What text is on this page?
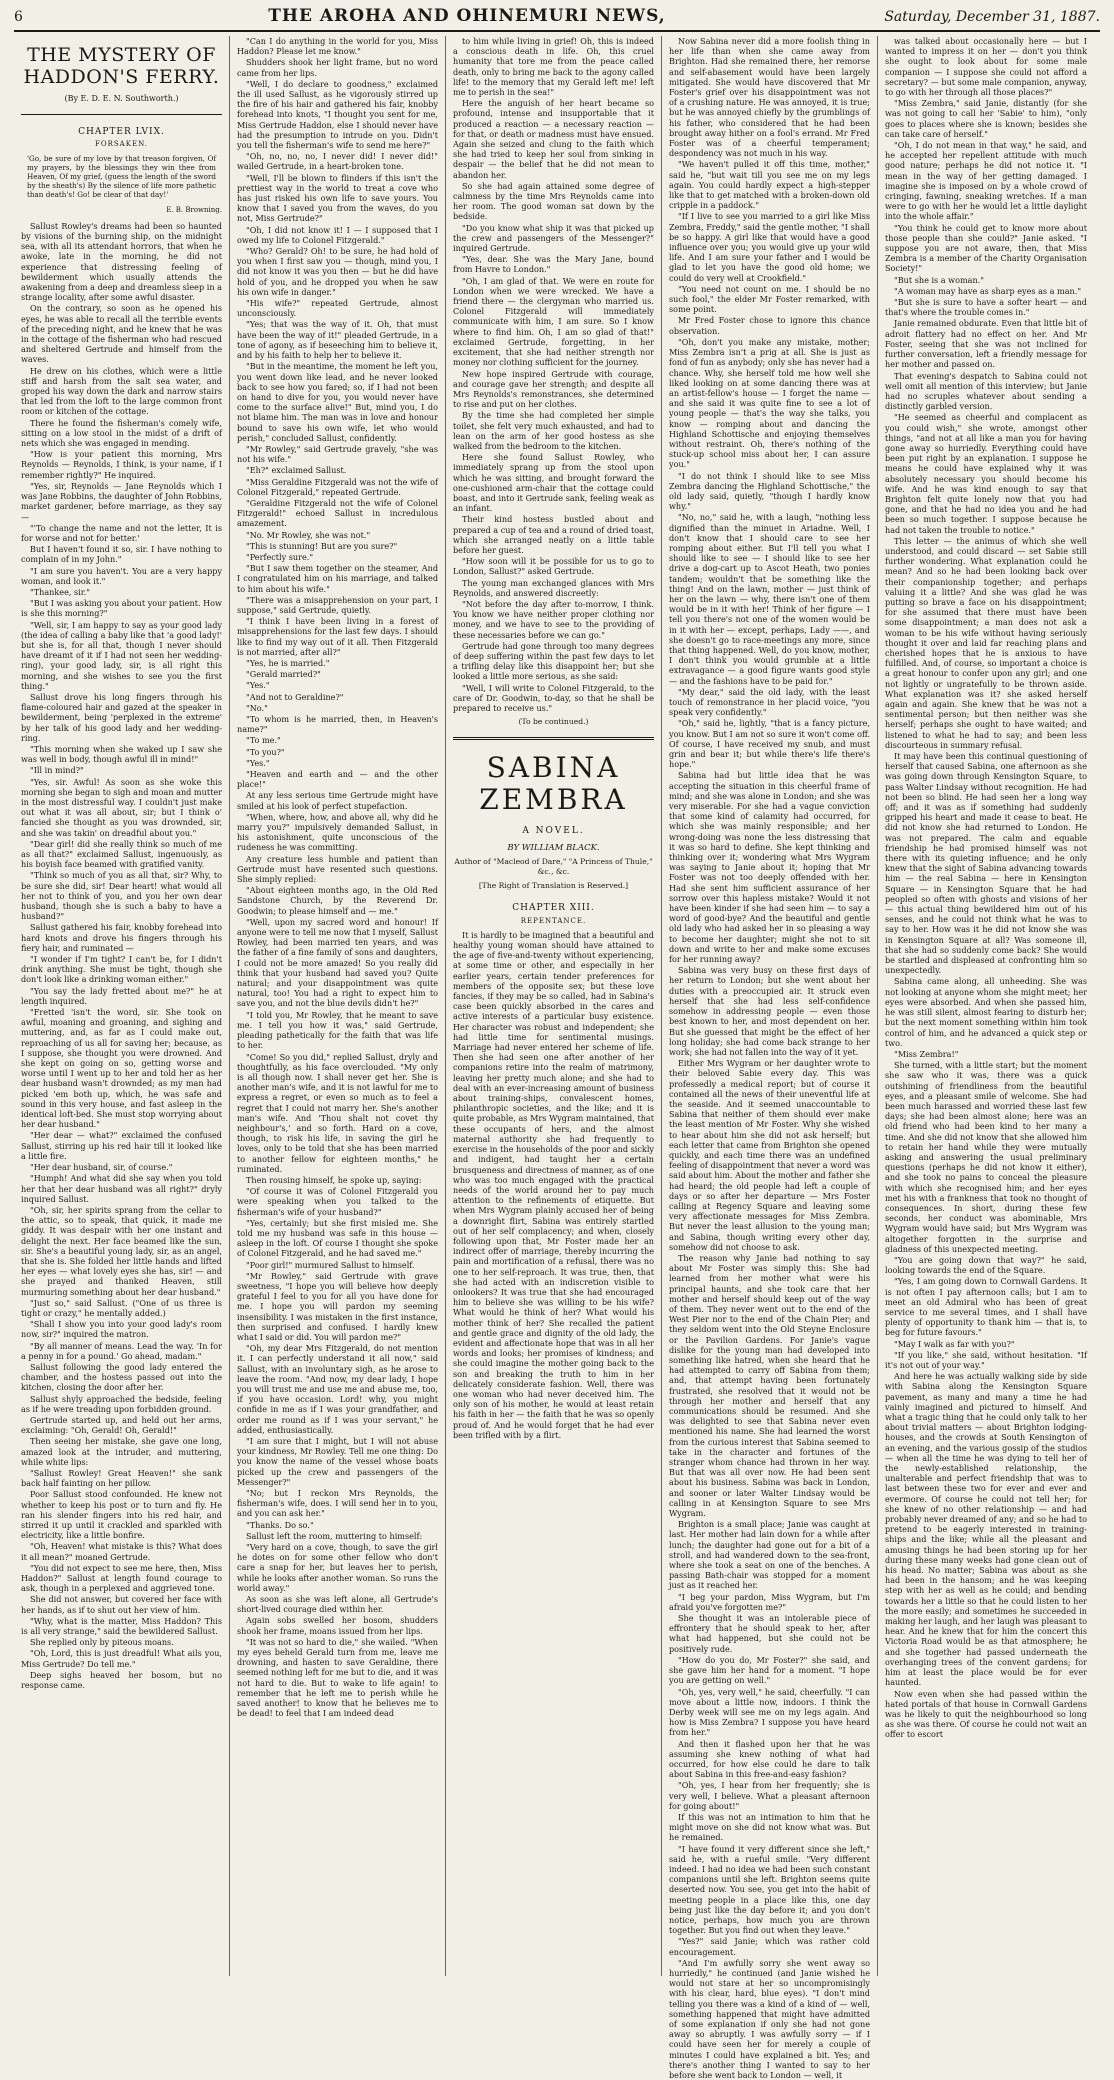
6	THE AROHA AND OHINEMURI NEWS,	Saturday, December 31, 1887.
THE MYSTERY OF
HADDON'S FERRY.
(By E. D. E. N. Southworth.)
CHAPTER LVIX.
FORSAKEN.
'Go, be sure of my love by that treason forgiven, Of my prayers, by the blessings they win thee from Heaven, Of my grief, (guess the length of the sword by the sheath's) By the silence of life more pathetic than death's! Go! be clear of that day!'
E. B. Browning.

Sallust Rowley's dreams had been so haunted by visions of the burning ship, on the midnight sea, with all its attendant horrors, that when he awoke, late in the morning, he did not experience that distressing feeling of bewilderment which usually attends the awakening from a deep and dreamless sleep in a strange locality, after some awful disaster.

On the contrary, so soon as he opened his eyes, he was able to recall all the terrible events of the preceding night, and he knew that he was in the cottage of the fisherman who had rescued and sheltered Gertrude and himself from the waves.

He drew on his clothes, which were a little stiff and harsh from the salt sea water, and groped his way down the dark and narrow stairs that led from the loft to the large common front room or kitchen of the cottage.

There he found the fisherman's comely wife, sitting on a low stool in the midst of a drift of nets which she was engaged in mending.

"How is your patient this morning, Mrs Reynolds — Reynolds, I think, is your name, if I remember rightly?" He inquired.

"Yes, sir, Reynolds — Jane Reynolds which I was Jane Robbins, the daughter of John Robbins, market gardener, before marriage, as they say —

"'To change the name and not the letter, It is for worse and not for better.'

But I haven't found it so, sir. I have nothing to complain of in my John."

"I am sure you haven't. You are a very happy woman, and look it."

"Thankee, sir."

"But I was asking you about your patient. How is she this morning?"

"Well, sir, I am happy to say as your good lady (the idea of calling a baby like that 'a good lady!' but she is, for all that, though I never should have dreamt of it if I had not seen her wedding-ring), your good lady, sir, is all right this morning, and she wishes to see you the first thing."

Sallust drove his long fingers through his flame-coloured hair and gazed at the speaker in bewilderment, being 'perplexed in the extreme' by her talk of his good lady and her wedding-ring.

"This morning when she waked up I saw she was well in body, though awful ill in mind!"

"Ill in mind?"

"Yes, sir. Awful! As soon as she woke this morning she began to sigh and moan and mutter in the most distressful way. I couldn't just make out what it was all about, sir; but I think o' fancied she thought as you was drownded, sir, and she was takin' on dreadful about you."

"Dear girl! did she really think so much of me as all that?" exclaimed Sallust, ingenuously, as his boyish face beamed with gratified vanity.

"Think so much of you as all that, sir? Why, to be sure she did, sir! Dear heart! what would all her not to think of you, and you her own dear husband, though she is such a baby to have a husband?"

Sallust gathered his fair, knobby forehead into hard knots and drove his fingers through his fiery hair, and ruminated —

"I wonder if I'm tight? I can't be, for I didn't drink anything. She must be tight, though she don't look like a drinking woman either."

"You say the lady fretted about me?" he at length inquired.

"Fretted 'isn't the word, sir. She took on awful, moaning and groaning, and sighing and muttering, and, as far as I could make out, reproaching of us all for saving her; because, as I suppose, she thought you were drowned. And she kept on going on so, getting worse and worse until I went up to her and told her as her dear husband wasn't drownded; as my man had picked 'em both up, which, he was safe and sound in this very house, and fast asleep in the identical loft-bed. She must stop worrying about her dear husband."

"Her dear — what?" exclaimed the confused Sallust, stirring up his red hair till it looked like a little fire.

"Her dear husband, sir, of course."

"Humph! And what did she say when you told her that her dear husband was all right?" dryly inquired Sallust.

"Oh, sir, her spirits sprang from the cellar to the attic, so to speak, that quick, it made me giddy. It was despair with her one instant and delight the next. Her face beamed like the sun, sir. She's a beautiful young lady, sir, as an angel, that she is. She folded her little hands and lifted her eyes — what lovely eyes she has, sir! — and she prayed and thanked Heaven, still murmuring something about her dear husband."

"Just so," said Sallust. ("One of us three is tight or crazy," he mentally added.)

"Shall I show you into your good lady's room now, sir?" inquired the matron.

"By all manner of means. Lead the way. 'In for a penny in for a pound.' Go ahead, madam."

Sallust following the good lady entered the chamber, and the hostess passed out into the kitchen, closing the door after her.

Sallust shyly approached the bedside, feeling as if he were treading upon forbidden ground.

Gertrude started up, and held out her arms, exclaiming: "Oh, Gerald! Oh, Gerald!"

Then seeing her mistake, she gave one long, amazed look at the intruder, and muttering, while white lips:

"Sallust Rowley! Great Heaven!" she sank back half fainting on her pillow.

Poor Sallust stood confounded. He knew not whether to keep his post or to turn and fly. He ran his slender fingers into his red hair, and stirred it up until it crackled and sparkled with electricity, like a little bonfire.

"Oh, Heaven! what mistake is this? What does it all mean?" moaned Gertrude.

"You did not expect to see me here, then, Miss Haddon?" Sallust at length found courage to ask, though in a perplexed and aggrieved tone.

She did not answer, but covered her face with her hands, as if to shut out her view of him.

"Why, what is the matter, Miss Haddon? This is all very strange," said the bewildered Sallust.

She replied only by piteous moans.

"Oh, Lord, this is just dreadful! What ails you, Miss Gertrude? Do tell me."

Deep sighs heaved her bosom, but no response came.

"Can I do anything in the world for you, Miss Haddon? Please let me know."

Shudders shook her light frame, but no word came from her lips.

"Well, I do declare to goodness," exclaimed the ill used Sallust, as he vigorously stirred up the fire of his hair and gathered his fair, knobby forehead into knots, "I thought you sent for me, Miss Gertrude Haddon, else I should never have had the presumption to intrude on you. Didn't you tell the fisherman's wife to send me here?"

"Oh, no, no, no, I never did! I never did!" wailed Gertrude, in a heart-broken tone.

"Well, I'll be blown to flinders if this isn't the prettiest way in the world to treat a cove who has just risked his own life to save yours. You know that I saved you from the waves, do you not, Miss Gertrude?"

"Oh, I did not know it! I — I supposed that I owed my life to Colonel Fitzgerald."

"Who? Gerald? Oh! to be sure, he had hold of you when I first saw you — though, mind you, I did not know it was you then — but he did have hold of you, and he dropped you when he saw his own wife in danger."

"His wife?" repeated Gertrude, almost unconsciously.

"Yes; that was the way of it. Oh, that must have been the way of it!" pleaded Gertrude, in a tone of agony, as if beseeching him to believe it, and by his faith to help her to believe it.

"But in the meantime, the moment he left you, you went down like lead, and he never looked back to see how you fared; so, if I had not been on hand to dive for you, you would never have come to the surface alive!" But, mind you, I do not blame him. The man was in love and honour bound to save his own wife, let who would perish," concluded Sallust, confidently.

"Mr Rowley," said Gertrude gravely, "she was not his wife."

"Eh?" exclaimed Sallust.

"Miss Geraldine Fitzgerald was not the wife of Colonel Fitzgerald," repeated Gertrude.

"Geraldine Fitzgerald not the wife of Colonel Fitzgerald!" echoed Sallust in incredulous amazement.

"No. Mr Rowley, she was not."

"This is stunning! But are you sure?"

"Perfectly sure."

"But I saw them together on the steamer, And I congratulated him on his marriage, and talked to him about his wife."

"There was a misapprehension on your part, I suppose," said Gertrude, quietly.

"I think I have been living in a forest of misapprehensions for the last few days. I should like to find my way out of it all. Then Fitzgerald is not married, after all?"

"Yes, he is married."

"Gerald married?"

"Yes."

"And not to Geraldine?"

"No."

"To whom is he married, then, in Heaven's name?"

"To me."

"To you?"

"Yes."

"Heaven and earth and — and the other place!"

At any less serious time Gertrude might have smiled at his look of perfect stupefaction.

"When, where, how, and above all, why did he marry you?" impulsively demanded Sallust, in his astonishment, quite unconscious of the rudeness he was committing.

Any creature less humble and patient than Gertrude must have resented such questions. She simply replied:

"About eighteen months ago, in the Old Red Sandstone Church, by the Reverend Dr. Goodwin; to please himself and — me."

"Well, upon my sacred word and honour! If anyone were to tell me now that I myself, Sallust Rowley, had been married ten years, and was the father of a fine family of sons and daughters, I could not be more amazed! So you really did think that your husband had saved you? Quite natural; and your disappointment was quite natural, too! You had a right to expect him to save you, and not the blue devils didn't he?"

"I told you, Mr Rowley, that he meant to save me. I tell you how it was," said Gertrude, pleading pathetically for the faith that was life to her.

"Come! So you did," replied Sallust, dryly and thoughtfully, as his face overclouded. "My only is all though now. I shall never get her. She is another man's wife, and it is not lawful for me to express a regret, or even so much as to feel a regret that I could not marry her. She's another man's wife. And 'Thou shalt not covet thy neighbour's,' and so forth. Hard on a cove, though, to risk his life, in saving the girl he loves, only to be told that she has been married to another fellow for eighteen months," he ruminated.

Then rousing himself, he spoke up, saying:

"Of course it was of Colonel Fitzgerald you were speaking when you talked to the fisherman's wife of your husband?"

"Yes, certainly; but she first misled me. She told me my husband was safe in this house — asleep in the loft. Of course I thought she spoke of Colonel Fitzgerald, and he had saved me."

"Poor girl!" murmured Sallust to himself.

"Mr Rowley," said Gertrude with grave sweetness, "I hope you will believe how deeply grateful I feel to you for all you have done for me. I hope you will pardon my seeming insensibility. I was mistaken in the first instance, then surprised and confused. I hardly knew what I said or did. You will pardon me?"

"Oh, my dear Mrs Fitzgerald, do not mention it. I can perfectly understand it all now," said Sallust, with an involuntary sigh, as he arose to leave the room. "And now, my dear lady, I hope you will trust me and use me and abuse me, too, if you have occasion. Lord! why, you might confide in me as if I was your grandfather, and order me round as if I was your servant," he added, enthusiastically.

"I am sure that I might, but I will not abuse your kindness, Mr Rowley. Tell me one thing: Do you know the name of the vessel whose boats picked up the crew and passengers of the Messenger?"

"No; but I reckon Mrs Reynolds, the fisherman's wife, does. I will send her in to you, and you can ask her."

"Thanks. Do so."

Sallust left the room, muttering to himself:

"Very hard on a cove, though, to save the girl he dotes on for some other fellow who don't care a snap for her, but leaves her to perish, while he looks after another woman. So runs the world away."

As soon as she was left alone, all Gertrude's short-lived courage died within her.

Again sobs swelled her bosom, shudders shook her frame, moans issued from her lips.

"It was not so hard to die," she wailed. "When my eyes beheld Gerald turn from me, leave me drowning, and hasten to save Geraldine, there seemed nothing left for me but to die, and it was not hard to die. But to wake to life again! to remember that he left me to perish while he saved another! to know that he believes me to be dead! to feel that I am indeed dead

to him while living in grief! Oh, this is indeed a conscious death in life. Oh, this cruel humanity that tore me from the peace called death, only to bring me back to the agony called life! to the memory that my Gerald left me! left me to perish in the sea!"

Here the anguish of her heart became so profound, intense and insupportable that it produced a reaction — a necessary reaction — for that, or death or madness must have ensued. Again she seized and clung to the faith which she had tried to keep her soul from sinking in despair — the belief that he did not mean to abandon her.

So she had again attained some degree of calmness by the time Mrs Reynolds came into her room. The good woman sat down by the bedside.

"Do you know what ship it was that picked up the crew and passengers of the Messenger?" inquired Gertrude.

"Yes, dear. She was the Mary Jane, bound from Havre to London."

"Oh, I am glad of that. We were en route for London when we were wrecked. We have a friend there — the clergyman who married us. Colonel Fitzgerald will immediately communicate with him, I am sure. So I know where to find him. Oh, I am so glad of that!" exclaimed Gertrude, forgetting, in her excitement, that she had neither strength nor money nor clothing sufficient for the journey.

New hope inspired Gertrude with courage, and courage gave her strength; and despite all Mrs Reynolds's remonstrances, she determined to rise and put on her clothes.

By the time she had completed her simple toilet, she felt very much exhausted, and had to lean on the arm of her good hostess as she walked from the bedroom to the kitchen.

Here she found Sallust Rowley, who immediately sprang up from the stool upon which he was sitting, and brought forward the one-cushioned arm-chair that the cottage could boast, and into it Gertrude sank, feeling weak as an infant.

Their kind hostess bustled about and prepared a cup of tea and a round of dried toast, which she arranged neatly on a little table before her guest.

"How soon will it be possible for us to go to London, Sallust?" asked Gertrude.

The young man exchanged glances with Mrs Reynolds, and answered discreetly:

"Not before the day after to-morrow, I think. You know we have neither proper clothing nor money, and we have to see to the providing of these necessaries before we can go."

Gertrude had gone through too many degrees of deep suffering within the past few days to let a trifling delay like this disappoint her; but she looked a little more serious, as she said:

"Well, I will write to Colonel Fitzgerald, to the care of Dr. Goodwin, to-day, so that he shall be prepared to receive us."

(To be continued.)
SABINA ZEMBRA
A NOVEL.
BY WILLIAM BLACK.
Author of "Macleod of Dare," "A Princess of Thule," &c., &c.
[The Right of Translation is Reserved.]
CHAPTER XIII.
REPENTANCE.

It is hardly to be imagined that a beautiful and healthy young woman should have attained to the age of five-and-twenty without experiencing, at some time or other, and especially in her earlier years, certain tender preferences for members of the opposite sex; but these love fancies, if they may be so called, had in Sabina's case been quickly absorbed in the cares and active interests of a particular busy existence. Her character was robust and independent; she had little time for sentimental musings. Marriage had never entered her scheme of life. Then she had seen one after another of her companions retire into the realm of matrimony, leaving her pretty much alone; and she had to deal with an ever-increasing amount of business about training-ships, convalescent homes, philanthropic societies, and the like; and it is quite probable, as Mrs Wygram maintained, that these occupants of hers, and the almost maternal authority she had frequently to exercise in the households of the poor and sickly and indigent, had taught her a certain brusqueness and directness of manner, as of one who was too much engaged with the practical needs of the world around her to pay much attention to the refinements of etiquette. But when Mrs Wygram plainly accused her of being a downright flirt, Sabina was entirely startled out of her self complacency; and when, closely following upon that, Mr Foster made her an indirect offer of marriage, thereby incurring the pain and mortification of a refusal, there was no one to her self-reproach. It was true, then, that she had acted with an indiscretion visible to onlookers? It was true that she had encouraged him to believe she was willing to be his wife? What would he think of her? What would his mother think of her? She recalled the patient and gentle grace and dignity of the old lady, the evident and affectionate hope that was in all her words and looks; her promises of kindness; and she could imagine the mother going back to the son and breaking the truth to him in her delicately considerate fashion. Well, there was one woman who had never deceived him. The only son of his mother, he would at least retain his faith in her — the faith that he was so openly proud of. And he would forget that he had ever been trifled with by a flirt.

Now Sabina never did a more foolish thing in her life than when she came away from Brighton. Had she remained there, her remorse and self-abasement would have been largely mitigated. She would have discovered that Mr Foster's grief over his disappointment was not of a crushing nature. He was annoyed, it is true; but he was annoyed chiefly by the grumblings of his father, who considered that he had been brought away hither on a fool's errand. Mr Fred Foster was of a cheerful temperament; despondency was not much in his way.

"We haven't pulled it off this time, mother," said he, "but wait till you see me on my legs again. You could hardly expect a high-stepper like that to get matched with a broken-down old cripple in a paddock."

"If I live to see you married to a girl like Miss Zembra, Freddy," said the gentle mother, "I shall be so happy. A girl like that would have a good influence over you; you would give up your wild life. And I am sure your father and I would be glad to let you have the good old home; we could do very well at Crookfield."

"You need not count on me. I should be no such fool," the elder Mr Foster remarked, with some point.

Mr Fred Foster chose to ignore this chance observation.

"Oh, don't you make any mistake, mother; Miss Zembra isn't a prig at all. She is just as fond of fun as anybody; only she has never had a chance. Why, she herself told me how well she liked looking on at some dancing there was at an artist-fellow's house — I forget the name — and she said it was quite fine to see a lot of young people — that's the way she talks, you know — romping about and dancing the Highland Schottische and enjoying themselves without restraint. Oh, there's nothing of the stuck-up school miss about her, I can assure you."

"I do not think I should like to see Miss Zembra dancing the Highland Schottische," the old lady said, quietly, "though I hardly know why."

"No, no," said he, with a laugh, "nothing less dignified than the minuet in Ariadne. Well, I don't know that I should care to see her romping about either. But I'll tell you what I should like to see — I should like to see her drive a dog-cart up to Ascot Heath, two ponies tandem; wouldn't that be something like the thing! And on the lawn, mother — just think of her on the lawn — why, there isn't one of them would be in it with her! Think of her figure — I tell you there's not one of the women would be in it with her — except, perhaps, Lady ——, and she doesn't go to race-meetings any more, since that thing happened. Well, do you know, mother, I don't think you would grumble at a little extravagance — a good figure wants good style — and the fashions have to be paid for."

"My dear," said the old lady, with the least touch of remonstrance in her placid voice, "you speak very confidently."

"Oh," said he, lightly, "that is a fancy picture, you know. But I am not so sure it won't come off. Of course, I have received my snub, and must grin and bear it; but while there's life there's hope."

Sabina had but little idea that he was accepting the situation in this cheerful frame of mind; and she was alone in London; and she was very miserable. For she had a vague conviction that some kind of calamity had occurred, for which she was mainly responsible; and her wrong-doing was none the less distressing that it was so hard to define. She kept thinking and thinking over it; wondering what Mrs Wygram was saying to Janie about it; hoping that Mr Foster was not too deeply offended with her. Had she sent him sufficient assurance of her sorrow over this hapless mistake? Would it not have been kinder if she had seen him — to say a word of good-bye? And the beautiful and gentle old lady who had asked her in so pleasing a way to become her daughter; might she not to sit down and write to her and make some excuses for her running away?

Sabina was very busy on these first days of her return to London; but she went about her duties with a preoccupied air. It struck even herself that she had less self-confidence somehow in addressing people — even those best known to her, and most dependent on her. But she guessed that might be the effect of her long holiday; she had come back strange to her work; she had not fallen into the way of it yet.

Either Mrs Wygram or her daughter wrote to their beloved Sabie every day. This was professedly a medical report; but of course it contained all the news of their uneventful life at the seaside. And it seemed unaccountable to Sabina that neither of them should ever make the least mention of Mr Foster. Why she wished to hear about him she did not ask herself; but each letter that came from Brighton she opened quickly, and each time there was an undefined feeling of disappointment that never a word was said about him. About the mother and father she had heard; the old people had left a couple of days or so after her departure — Mrs Foster calling at Regency Square and leaving some very affectionate messages for Miss Zembra. But never the least allusion to the young man; and Sabina, though writing every other day, somehow did not choose to ask.

The reason why Janie had nothing to say about Mr Foster was simply this: She had learned from her mother what were his principal haunts, and she took care that her mother and herself should keep out of the way of them. They never went out to the end of the West Pier nor to the end of the Chain Pier; and they seldom went into the Old Steyne Enclosure or the Pavilion Gardens. For Janie's vague dislike for the young man had developed into something like hatred, when she heard that he had attempted to carry off Sabina from them; and, that attempt having been fortunately frustrated, she resolved that it would not be through her mother and herself that any communications should be resumed. And she was delighted to see that Sabina never even mentioned his name. She had learned the worst from the curious interest that Sabina seemed to take in the character and fortunes of the stranger whom chance had thrown in her way. But that was all over now. He had been sent about his business. Sabina was back in London, and sooner or later Walter Lindsay would be calling in at Kensington Square to see Mrs Wygram.

Brighton is a small place; Janie was caught at last. Her mother had lain down for a while after lunch; the daughter had gone out for a bit of a stroll, and had wandered down to the sea-front, where she took a seat on one of the benches. A passing Bath-chair was stopped for a moment just as it reached her.

"I beg your pardon, Miss Wygram, but I'm afraid you've forgotten me?"

She thought it was an intolerable piece of effrontery that he should speak to her, after what had happened, but she could not be positively rude.

"How do you do, Mr Foster?" she said, and she gave him her hand for a moment. "I hope you are getting on well."

"Oh, yes, very well," he said, cheerfully. "I can move about a little now, indoors. I think the Derby week will see me on my legs again. And how is Miss Zembra? I suppose you have heard from her."

And then it flashed upon her that he was assuming she knew nothing of what had occurred, for how else could he dare to talk about Sabina in this free-and-easy fashion?

"Oh, yes, I hear from her frequently; she is very well, I believe. What a pleasant afternoon for going about!"

If this was not an intimation to him that he might move on she did not know what was. But he remained.

"I have found it very different since she left," said he, with a rueful smile. "Very different indeed. I had no idea we had been such constant companions until she left. Brighton seems quite deserted now. You see, you get into the habit of meeting people in a place like this, one day being just like the day before it; and you don't notice, perhaps, how much you are thrown together. But you find out when they leave."

"Yes?" said Janie; which was rather cold encouragement.

"And I'm awfully sorry she went away so hurriedly," he continued (and Janie wished he would not stare at her so uncompromisingly with his clear, hard, blue eyes). "I don't mind telling you there was a kind of a kind of — well, something happened that might have admitted of some explanation if only she had not gone away so abruptly. I was awfully sorry — if I could have seen her for merely a couple of minutes I could have explained a bit. Yes; and there's another thing I wanted to say to her before she went back to London — well, it

was talked about occasionally here — but I wanted to impress it on her — don't you think she ought to look about for some male companion — I suppose she could not afford a secretary? — but some male companion, anyway, to go with her through all those places?"

"Miss Zembra," said Janie, distantly (for she was not going to call her 'Sabie' to him), "only goes to places where she is known; besides she can take care of herself."

"Oh, I do not mean in that way," he said, and he accepted her repellent attitude with much good nature; perhaps he did not notice it. "I mean in the way of her getting damaged. I imagine she is imposed on by a whole crowd of cringing, fawning, sneaking wretches. If a man were to go with her he would let a little daylight into the whole affair."

"You think he could get to know more about those people than she could?" Janie asked. "I suppose you are not aware, then, that Miss Zembra is a member of the Charity Organisation Society!"

"But she is a woman."

"A woman may have as sharp eyes as a man."

"But she is sure to have a softer heart — and that's where the trouble comes in."

Janie remained obdurate. Even that little bit of adroit flattery had no effect on her. And Mr Foster, seeing that she was not inclined for further conversation, left a friendly message for her mother and passed on.

That evening's despatch to Sabina could not well omit all mention of this interview; but Janie had no scruples whatever about sending a distinctly garbled version.

"He seemed as cheerful and complacent as you could wish," she wrote, amongst other things, "and not at all like a man you for having gone away so hurriedly. Everything could have been put right by an explanation. I suppose he means he could have explained why it was absolutely necessary you should become his wife. And he was kind enough to say that Brighton felt quite lonely now that you had gone, and that he had no idea you and he had been so much together. I suppose because he had not taken the trouble to notice."

This letter — the animus of which she well understood, and could discard — set Sabie still further wondering. What explanation could he mean? And so he had been looking back over their companionship together; and perhaps valuing it a little? And she was glad he was putting so brave a face on his disappointment; for she assumed that there must have been some disappointment; a man does not ask a woman to be his wife without having seriously thought it over and laid far reaching plans and cherished hopes that he is anxious to have fulfilled. And, of course, so important a choice is a great honour to confer upon any girl; and one not lightly or ungratefully to be thrown aside. What explanation was it? she asked herself again and again. She knew that he was not a sentimental person; but then neither was she herself; perhaps she ought to have waited; and listened to what he had to say; and been less discourteous in summary refusal.

It may have been this continual questioning of herself that caused Sabina, one afternoon as she was going down through Kensington Square, to pass Walter Lindsay without recognition. He had not been so blind. He had seen her a long way off; and it was as if something had suddenly gripped his heart and made it cease to beat. He did not know she had returned to London. He was not prepared. The calm and equable friendship he had promised himself was not there with its quieting influence; and he only knew that the sight of Sabina advancing towards him — the real Sabina — here in Kensington Square — in Kensington Square that he had peopled so often with ghosts and visions of her — this actual thing bewildered him out of his senses, and he could not think what he was to say to her. How was it he did not know she was in Kensington Square at all? Was someone ill, that she had so suddenly come back? She would be startled and displeased at confronting him so unexpectedly.

Sabina came along, all unheeding. She was not looking at anyone whom she might meet; her eyes were absorbed. And when she passed him, he was still silent, almost fearing to disturb her; but the next moment something within him took control of him, and he advanced a quick step or two.

"Miss Zembra!"

She turned, with a little start; but the moment she saw who it was, there was a quick outshining of friendliness from the beautiful eyes, and a pleasant smile of welcome. She had been much harassed and worried these last few days; she had been almost alone; here was an old friend who had been kind to her many a time. And she did not know that she allowed him to retain her hand while they were mutually asking and answering the usual preliminary questions (perhaps he did not know it either), and she took no pains to conceal the pleasure with which she recognised him; and her eyes met his with a frankness that took no thought of consequences. In short, during these few seconds, her conduct was abominable, Mrs Wygram would have said; but Mrs Wygram was altogether forgotten in the surprise and gladness of this unexpected meeting.

"You are going down that way?" he said, looking towards the end of the Square.

"Yes, I am going down to Cornwall Gardens. It is not often I pay afternoon calls; but I am to meet an old Admiral who has been of great service to me several times, and I shall have plenty of opportunity to thank him — that is, to beg for future favours."

"May I walk as far with you?"

"If you like," she said, without hesitation. "If it's not out of your way."

And here he was actually walking side by side with Sabina along the Kensington Square pavement, as many and many a time he had vainly imagined and pictured to himself. And what a tragic thing that he could only talk to her about trivial matters — about Brighton lodging-houses, and the crowds at South Kensington of an evening, and the various gossip of the studios — when all the time he was dying to tell her of the newly-established relationship, the unalterable and perfect friendship that was to last between these two for ever and ever and evermore. Of course he could not tell her; for she knew of no other relationship — and had probably never dreamed of any; and so he had to pretend to be eagerly interested in training-ships and the like; while all the pleasant and amusing things he had been storing up for her during these many weeks had gone clean out of his head. No matter; Sabina was about as she had been in the hansom; and he was keeping step with her as well as he could; and bending towards her a little so that he could listen to her the more easily; and sometimes he succeeded in making her laugh, and her laugh was pleasant to hear. And he knew that for him the concert this Victoria Road would be as that atmosphere; he and she together had passed underneath the overhanging trees of the convent gardens; for him at least the place would be for ever haunted.

Now even when she had passed within the hated portals of that house in Cornwall Gardens was he likely to quit the neighbourhood so long as she was there. Of course he could not wait an offer to escort
